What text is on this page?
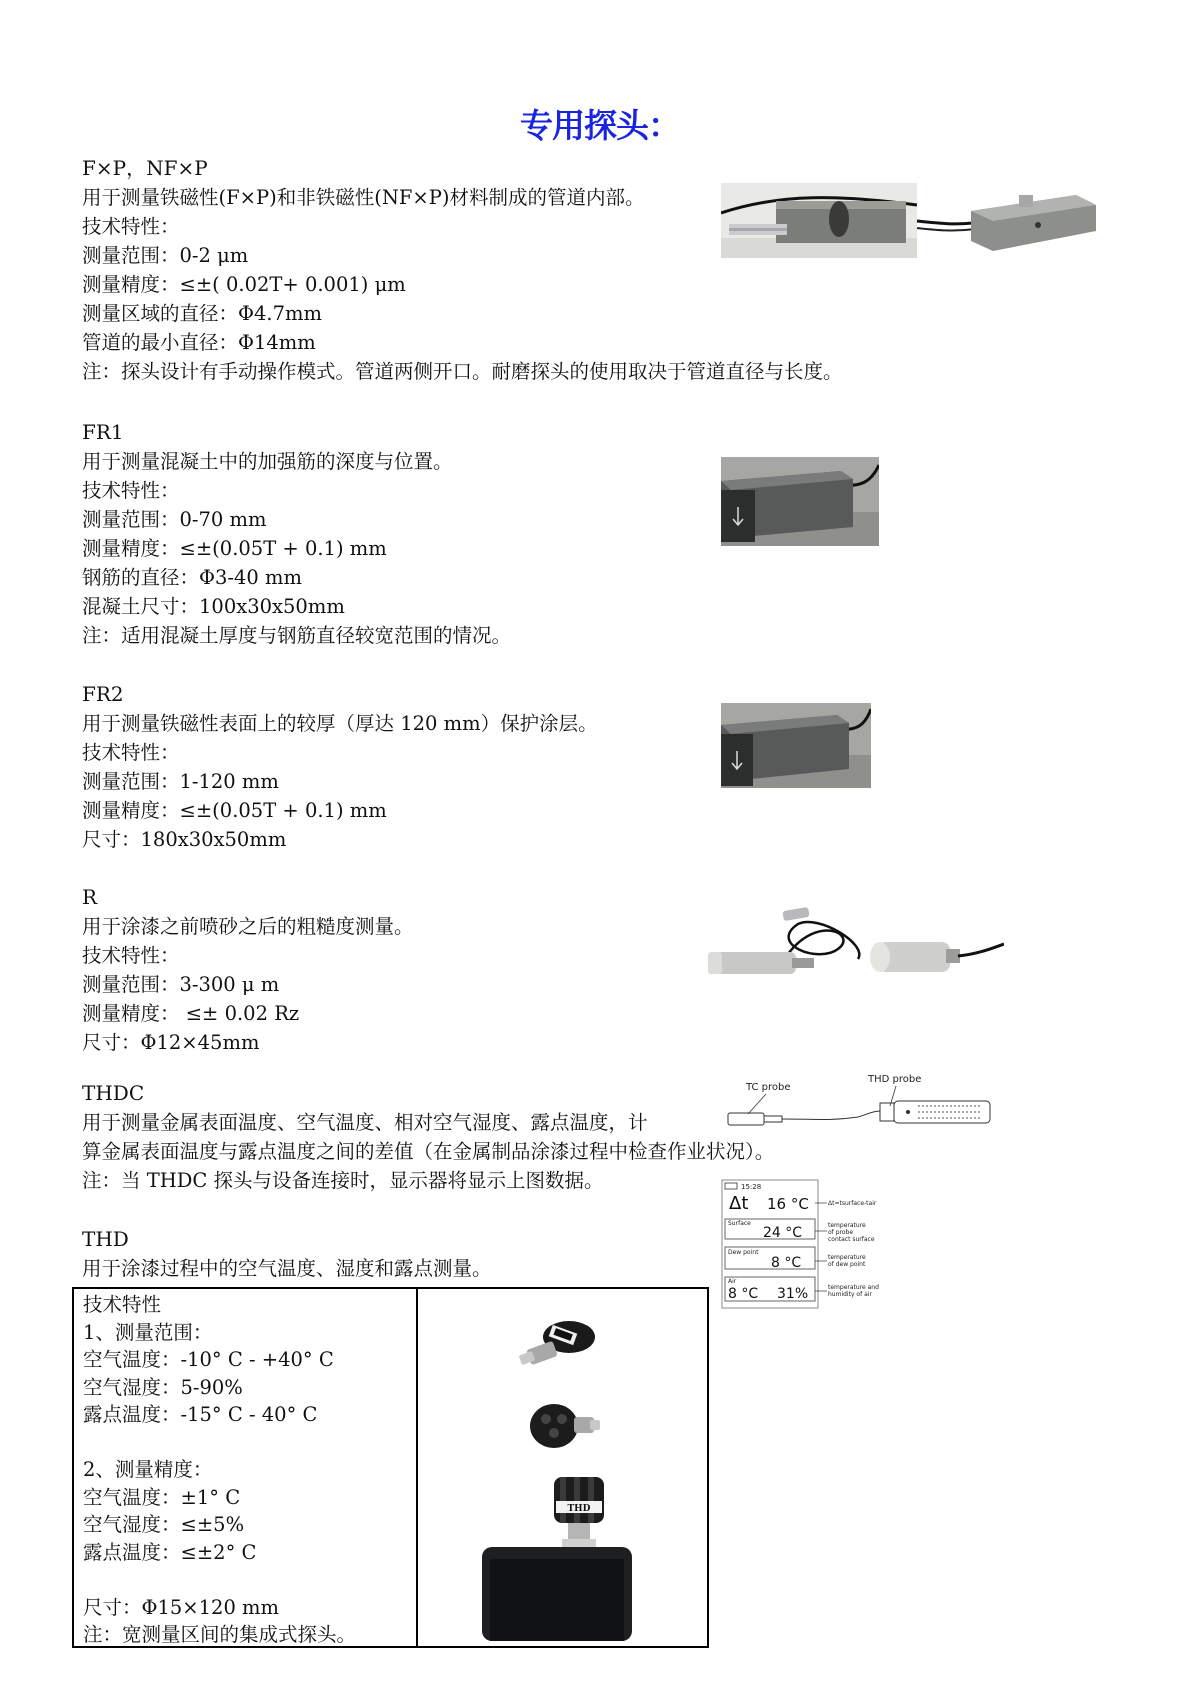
专用探头：
F×P，NF×P
用于测量铁磁性(F×P)和非铁磁性(NF×P)材料制成的管道内部。
技术特性：
测量范围：0-2 μm
测量精度：≤±( 0.02T+ 0.001) μm
测量区域的直径：Φ4.7mm
管道的最小直径：Φ14mm
注：探头设计有手动操作模式。管道两侧开口。耐磨探头的使用取决于管道直径与长度。
FR1
用于测量混凝土中的加强筋的深度与位置。
技术特性：
测量范围：0-70 mm
测量精度：≤±(0.05T + 0.1) mm
钢筋的直径：Φ3-40 mm
混凝土尺寸：100x30x50mm
注：适用混凝土厚度与钢筋直径较宽范围的情况。
FR2
用于测量铁磁性表面上的较厚（厚达 120 mm）保护涂层。
技术特性：
测量范围：1-120 mm
测量精度：≤±(0.05T + 0.1) mm
尺寸：180x30x50mm
R
用于涂漆之前喷砂之后的粗糙度测量。
技术特性：
测量范围：3-300 μ m
测量精度： ≤± 0.02 Rz
尺寸：Φ12×45mm
THDC
用于测量金属表面温度、空气温度、相对空气湿度、露点温度，计
算金属表面温度与露点温度之间的差值（在金属制品涂漆过程中检查作业状况）。
注：当 THDC 探头与设备连接时，显示器将显示上图数据。
TC probe
THD probe
15:28
Δt 16 °C
Surface
24 °C
Dew point
8 °C
Air
8 °C 31%
Δt=tsurface-tair
temperature
of probe
contact surface
temperature
of dew point
temperature and
humidity of air
THD
用于涂漆过程中的空气温度、湿度和露点测量。
技术特性
1、测量范围：
空气温度：-10° C - +40° C
空气湿度：5-90%
露点温度：-15° C - 40° C
2、测量精度：
空气温度：±1° C
空气湿度：≤±5%
露点温度：≤±2° C
尺寸：Φ15×120 mm
注：宽测量区间的集成式探头。
THD
